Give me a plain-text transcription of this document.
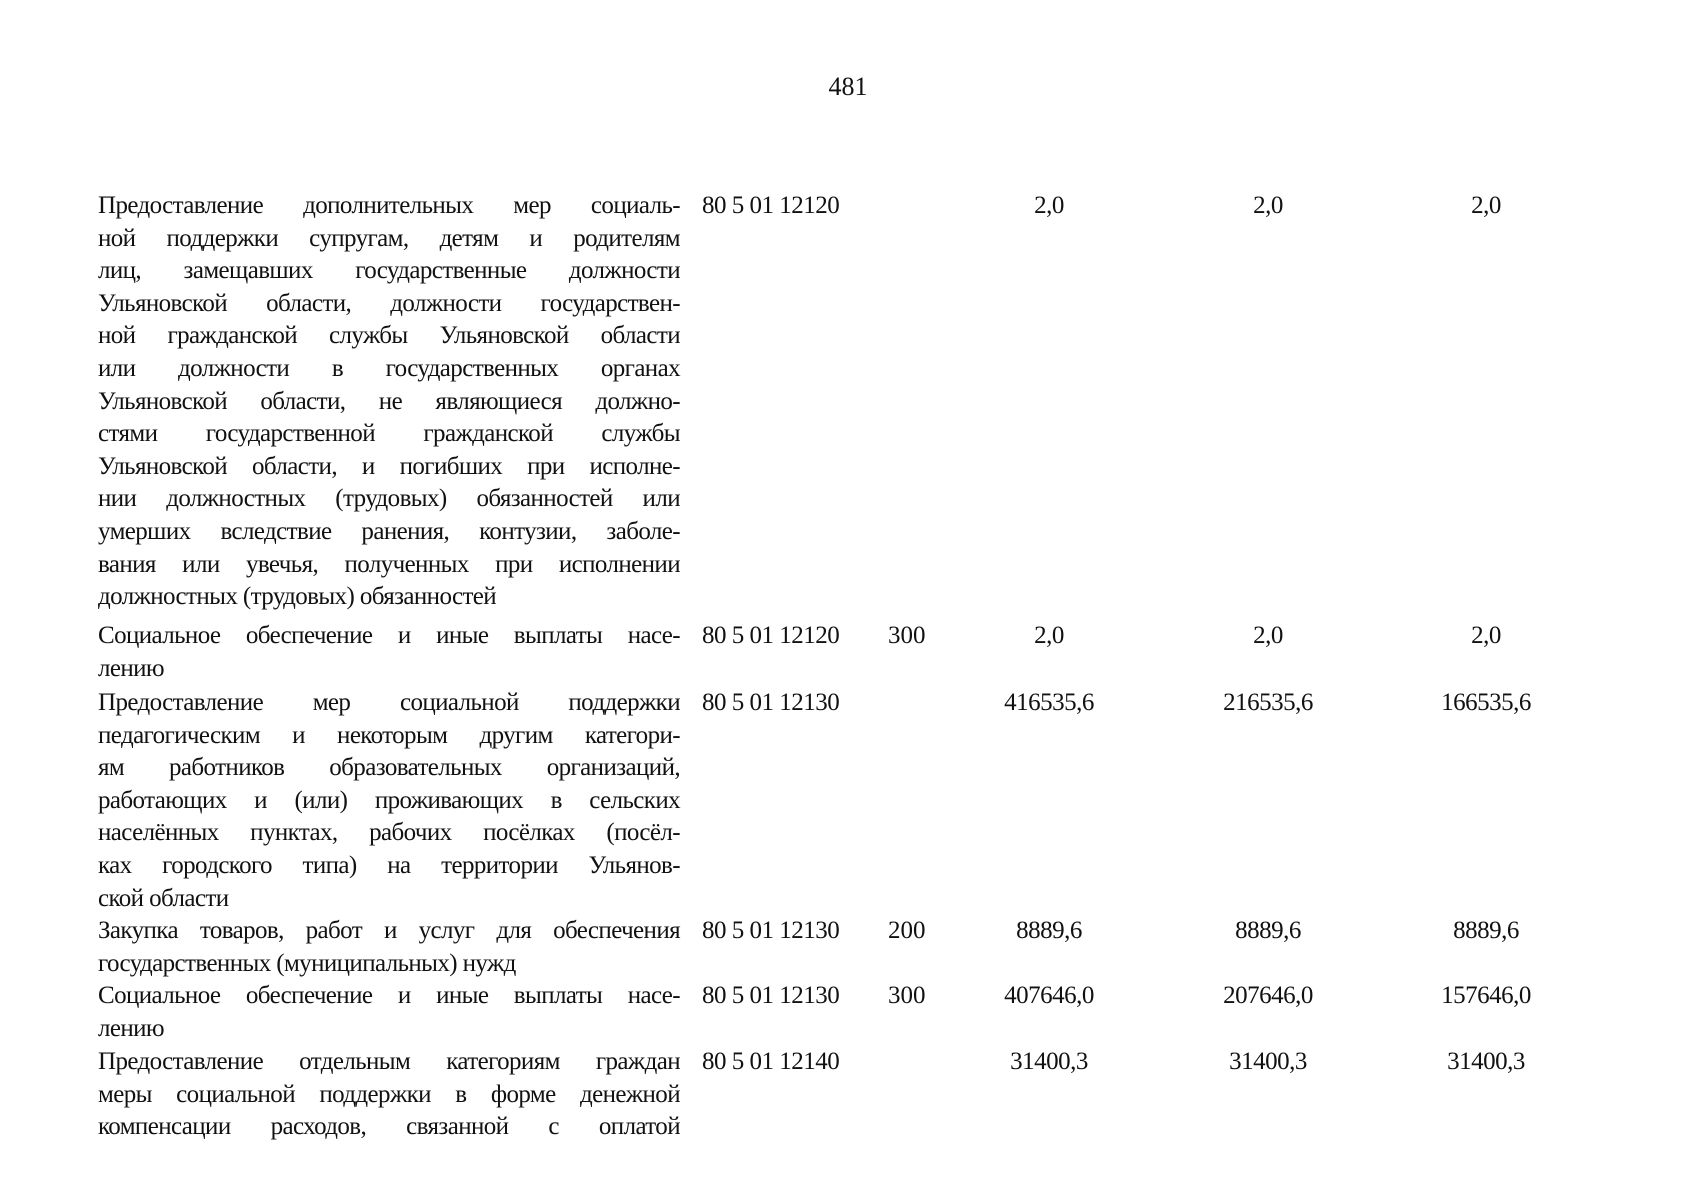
481
Предоставление дополнительных мер социаль-
ной поддержки супругам, детям и родителям
лиц, замещавших государственные должности
Ульяновской области, должности государствен-
ной гражданской службы Ульяновской области
или должности в государственных органах
Ульяновской области, не являющиеся должно-
стями государственной гражданской службы
Ульяновской области, и погибших при исполне-
нии должностных (трудовых) обязанностей или
умерших вследствие ранения, контузии, заболе-
вания или увечья, полученных при исполнении
должностных (трудовых) обязанностей
80 5 01 12120	2,0	2,0	2,0
Социальное обеспечение и иные выплаты насе-
лению
80 5 01 12120 300	2,0	2,0	2,0
Предоставление мер социальной поддержки
педагогическим и некоторым другим категори-
ям работников образовательных организаций,
работающих и (или) проживающих в сельских
населённых пунктах, рабочих посёлках (посёл-
ках городского типа) на территории Ульянов-
ской области
80 5 01 12130	416535,6	216535,6	166535,6
Закупка товаров, работ и услуг для обеспечения
государственных (муниципальных) нужд
80 5 01 12130 200	8889,6	8889,6	8889,6
Социальное обеспечение и иные выплаты насе-
лению
80 5 01 12130 300	407646,0	207646,0	157646,0
Предоставление отдельным категориям граждан
меры социальной поддержки в форме денежной
компенсации расходов, связанной с оплатой
80 5 01 12140	31400,3	31400,3	31400,3
